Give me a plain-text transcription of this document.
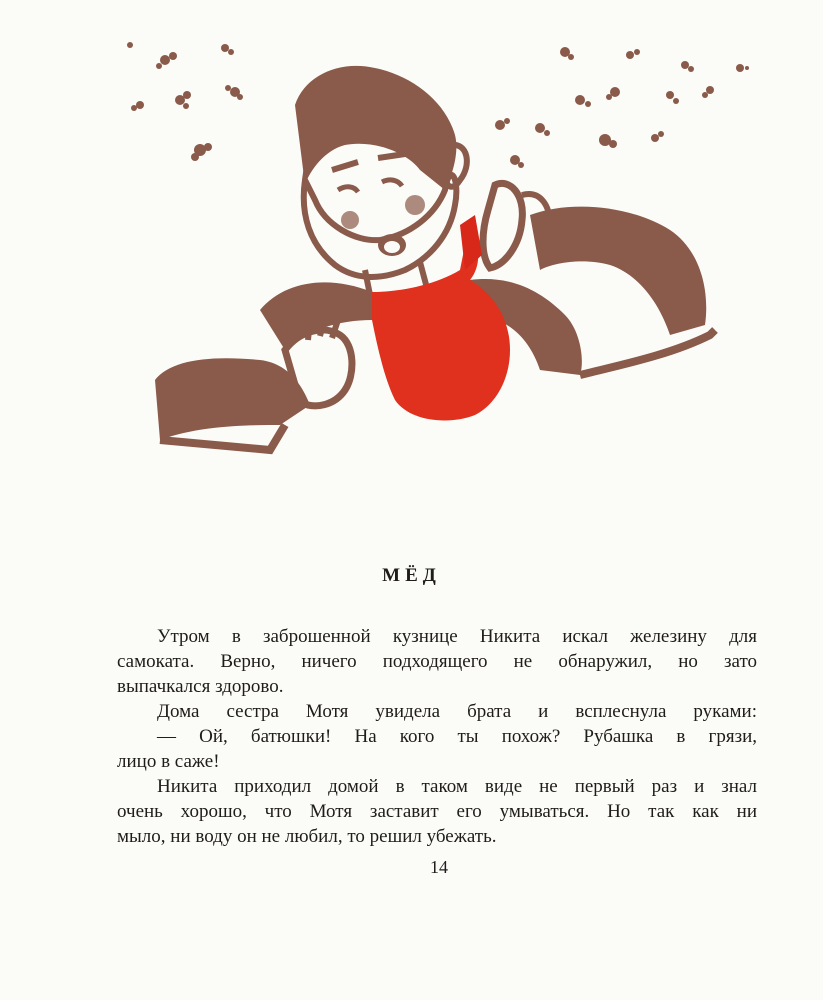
МЁД
Утром в заброшенной кузнице Никита искал железину для
самоката. Верно, ничего подходящего не обнаружил, но зато
выпачкался здорово.
Дома сестра Мотя увидела брата и всплеснула руками:
— Ой, батюшки! На кого ты похож? Рубашка в грязи,
лицо в саже!
Никита приходил домой в таком виде не первый раз и знал
очень хорошо, что Мотя заставит его умываться. Но так как ни
мыло, ни воду он не любил, то решил убежать.
14
